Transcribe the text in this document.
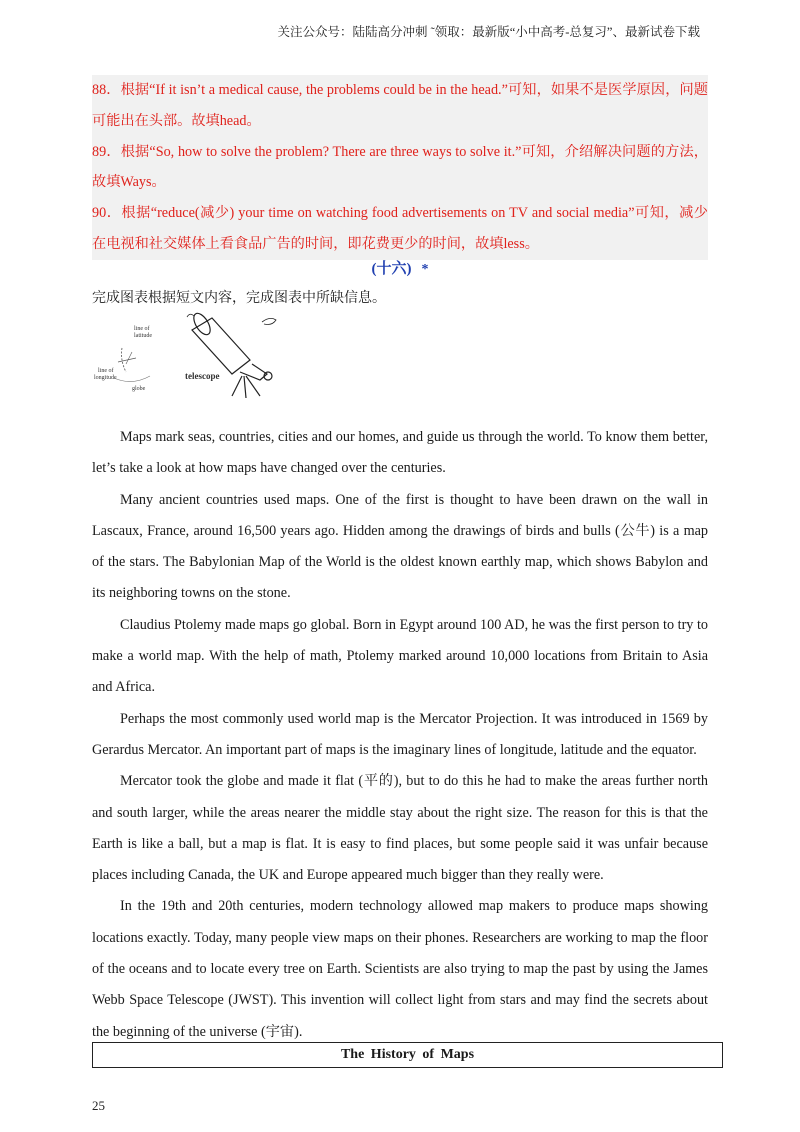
关注公众号：陆陆高分冲刺 ˜领取：最新版“小中高考-总复习”、最新试卷下载

88．根据“If it isn’t a medical cause, the problems could be in the head.”可知，如果不是医学原因，问题可能出在头部。故填head。

89．根据“So, how to solve the problem? There are three ways to solve it.”可知，介绍解决问题的方法，故填Ways。

90．根据“reduce(减少) your time on watching food advertisements on TV and social media”可知，减少在电视和社交媒体上看食品广告的时间，即花费更少的时间，故填less。

(十六) *
完成图表根据短文内容，完成图表中所缺信息。
line of
latitude
line of
longitude
globe
telescope

Maps mark seas, countries, cities and our homes, and guide us through the world. To know them better, let’s take a look at how maps have changed over the centuries.

Many ancient countries used maps. One of the first is thought to have been drawn on the wall in Lascaux, France, around 16,500 years ago. Hidden among the drawings of birds and bulls (公牛) is a map of the stars. The Babylonian Map of the World is the oldest known earthly map, which shows Babylon and its neighboring towns on the stone.

Claudius Ptolemy made maps go global. Born in Egypt around 100 AD, he was the first person to try to make a world map. With the help of math, Ptolemy marked around 10,000 locations from Britain to Asia and Africa.

Perhaps the most commonly used world map is the Mercator Projection. It was introduced in 1569 by Gerardus Mercator. An important part of maps is the imaginary lines of longitude, latitude and the equator.

Mercator took the globe and made it flat (平的), but to do this he had to make the areas further north and south larger, while the areas nearer the middle stay about the right size. The reason for this is that the Earth is like a ball, but a map is flat. It is easy to find places, but some people said it was unfair because places including Canada, the UK and Europe appeared much bigger than they really were.

In the 19th and 20th centuries, modern technology allowed map makers to produce maps showing locations exactly. Today, many people view maps on their phones. Researchers are working to map the floor of the oceans and to locate every tree on Earth. Scientists are also trying to map the past by using the James Webb Space Telescope (JWST). This invention will collect light from stars and may find the secrets about the beginning of the universe (宇宙).

The History of Maps
25
